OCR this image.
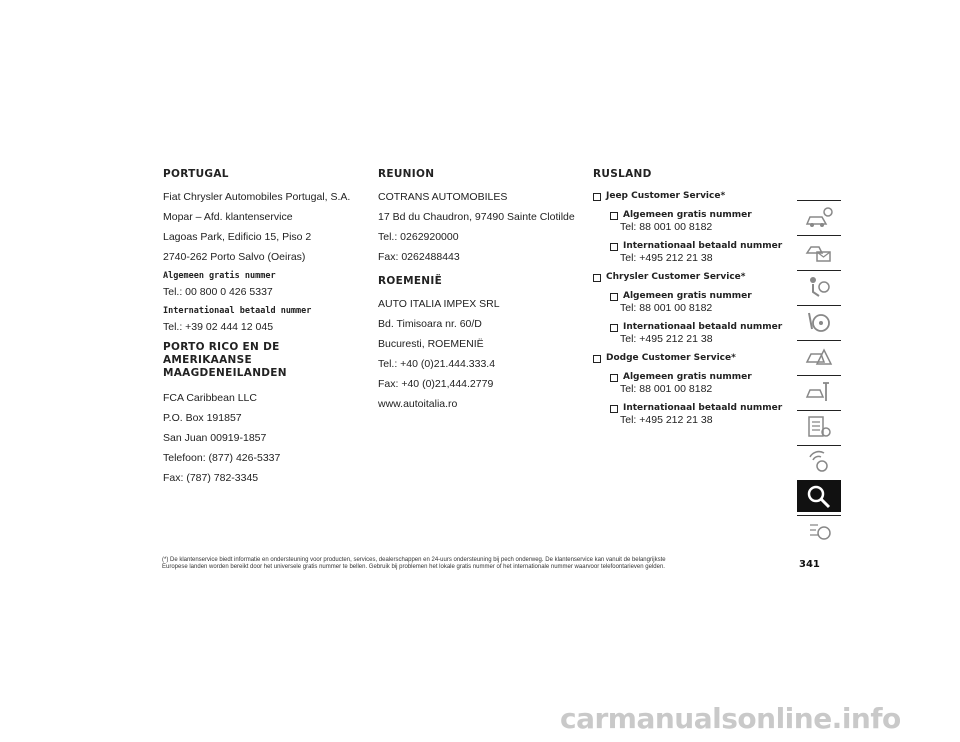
PORTUGAL
Fiat Chrysler Automobiles Portugal, S.A.
Mopar – Afd. klantenservice
Lagoas Park, Edificio 15, Piso 2
2740-262 Porto Salvo (Oeiras)
Algemeen gratis nummer
Tel.: 00 800 0 426 5337
Internationaal betaald nummer
Tel.: +39 02 444 12 045
PORTO RICO EN DE AMERIKAANSE
MAAGDENEILANDEN
FCA Caribbean LLC
P.O. Box 191857
San Juan 00919-1857
Telefoon: (877) 426-5337
Fax: (787) 782-3345
REUNION
COTRANS AUTOMOBILES
17 Bd du Chaudron, 97490 Sainte Clotilde
Tel.: 0262920000
Fax: 0262488443
ROEMENIË
AUTO ITALIA IMPEX SRL
Bd. Timisoara nr. 60/D
Bucuresti, ROEMENIË
Tel.: +40 (0)21.444.333.4
Fax: +40 (0)21,444.2779
www.autoitalia.ro
RUSLAND
Jeep Customer Service*
Algemeen gratis nummer
Tel: 88 001 00 8182
Internationaal betaald nummer
Tel: +495 212 21 38
Chrysler Customer Service*
Algemeen gratis nummer
Tel: 88 001 00 8182
Internationaal betaald nummer
Tel: +495 212 21 38
Dodge Customer Service*
Algemeen gratis nummer
Tel: 88 001 00 8182
Internationaal betaald nummer
Tel: +495 212 21 38
(*) De klantenservice biedt informatie en ondersteuning voor producten, services, dealerschappen en 24-uurs ondersteuning bij pech onderweg. De klantenservice kan vanuit de belangrijkste
Europese landen worden bereikt door het universele gratis nummer te bellen. Gebruik bij problemen het lokale gratis nummer of het internationale nummer waarvoor telefoontarieven gelden.	341
carmanualsonline.info
